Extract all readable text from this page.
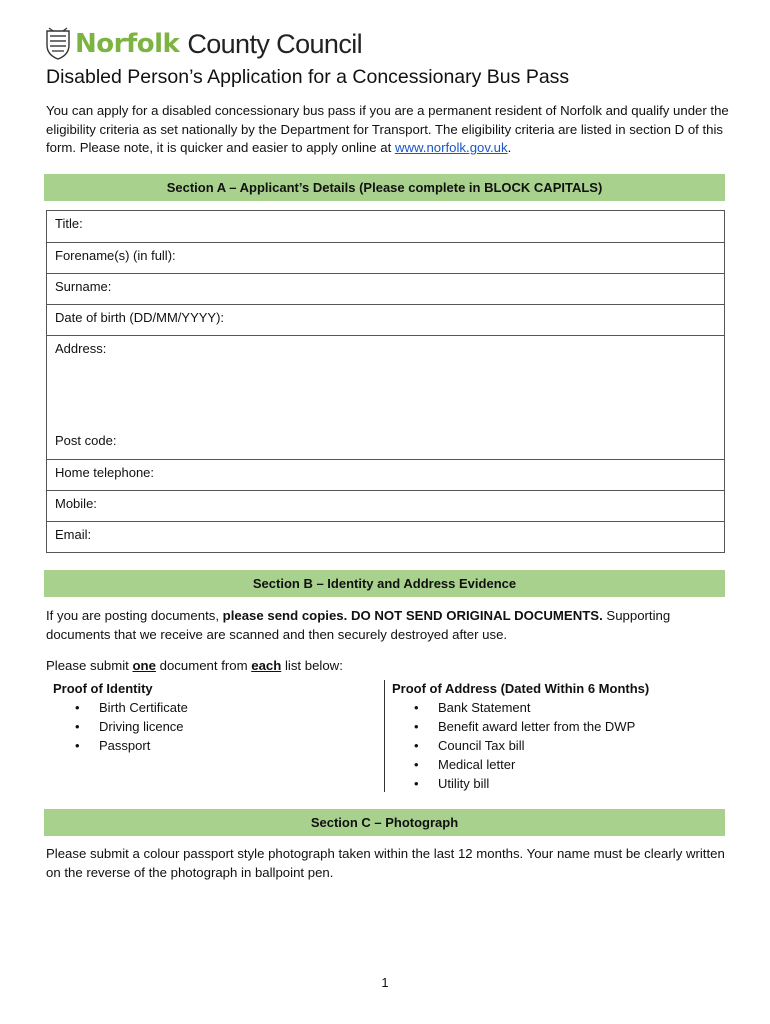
Norfolk County Council
Disabled Person’s Application for a Concessionary Bus Pass
You can apply for a disabled concessionary bus pass if you are a permanent resident of Norfolk and qualify under the eligibility criteria as set nationally by the Department for Transport. The eligibility criteria are listed in section D of this form. Please note, it is quicker and easier to apply online at www.norfolk.gov.uk.
Section A – Applicant’s Details (Please complete in BLOCK CAPITALS)
Title:
Forename(s) (in full):
Surname:
Date of birth (DD/MM/YYYY):
Address:
Post code:
Home telephone:
Mobile:
Email:
Section B – Identity and Address Evidence
If you are posting documents, please send copies. DO NOT SEND ORIGINAL DOCUMENTS. Supporting documents that we receive are scanned and then securely destroyed after use.
Please submit one document from each list below:
Proof of Identity
• Birth Certificate
• Driving licence
• Passport
Proof of Address (Dated Within 6 Months)
• Bank Statement
• Benefit award letter from the DWP
• Council Tax bill
• Medical letter
• Utility bill
Section C – Photograph
Please submit a colour passport style photograph taken within the last 12 months. Your name must be clearly written on the reverse of the photograph in ballpoint pen.
1
